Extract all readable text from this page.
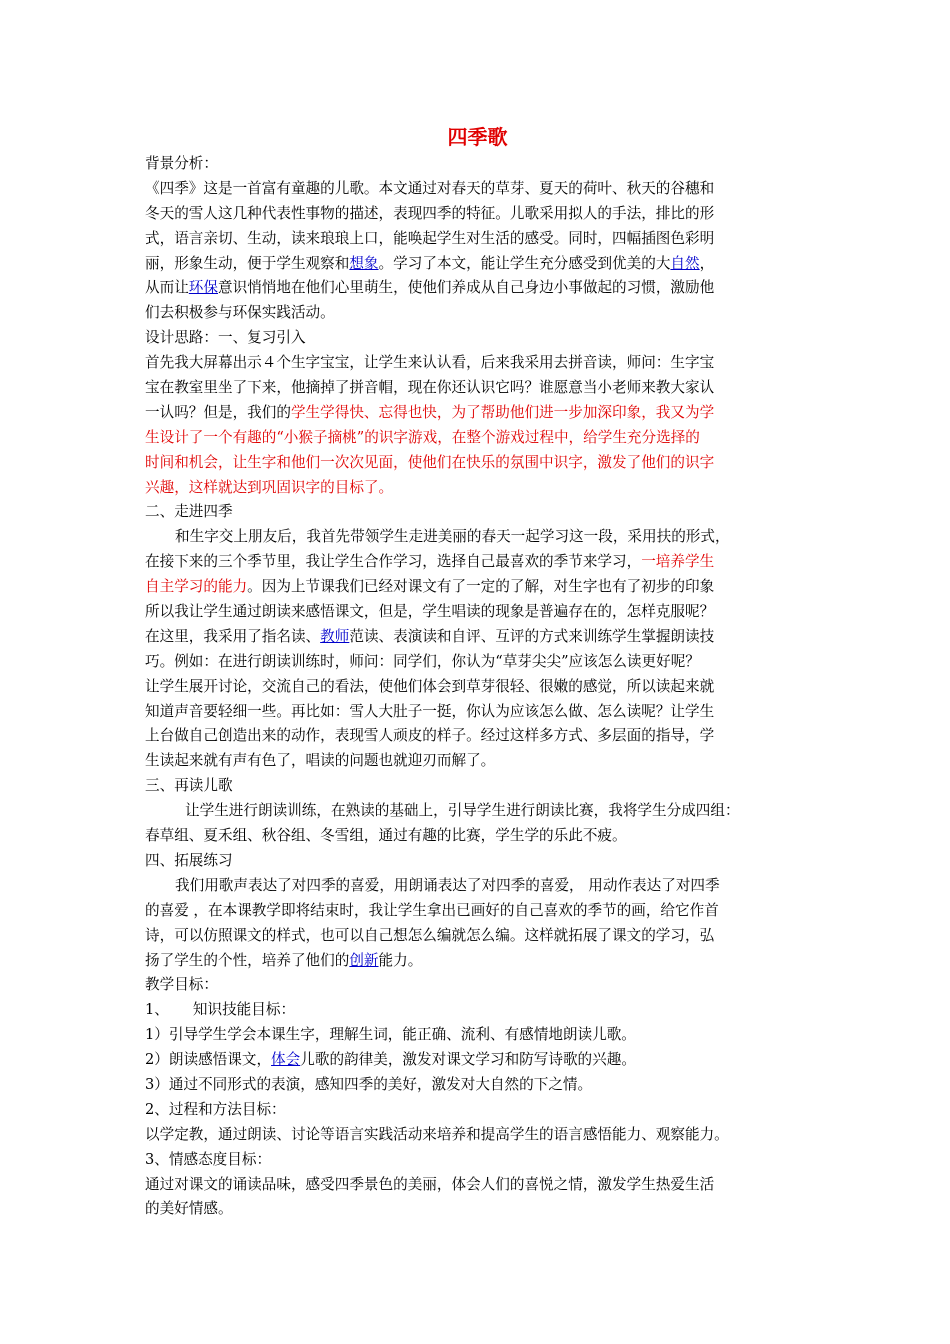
四季歌
背景分析：
《四季》这是一首富有童趣的儿歌。本文通过对春天的草芽、夏天的荷叶、秋天的谷穗和
冬天的雪人这几种代表性事物的描述，表现四季的特征。儿歌采用拟人的手法，排比的形
式，语言亲切、生动，读来琅琅上口，能唤起学生对生活的感受。同时，四幅插图色彩明
丽，形象生动，便于学生观察和想象。学习了本文，能让学生充分感受到优美的大自然，
从而让环保意识悄悄地在他们心里萌生，使他们养成从自己身边小事做起的习惯，激励他
们去积极参与环保实践活动。
设计思路：一、复习引入
首先我大屏幕出示４个生字宝宝，让学生来认认看，后来我采用去拼音读，师问：生字宝
宝在教室里坐了下来，他摘掉了拼音帽，现在你还认识它吗？谁愿意当小老师来教大家认
一认吗？但是，我们的学生学得快、忘得也快，为了帮助他们进一步加深印象，我又为学
生设计了一个有趣的“小猴子摘桃”的识字游戏，在整个游戏过程中，给学生充分选择的
时间和机会，让生字和他们一次次见面，使他们在快乐的氛围中识字，激发了他们的识字
兴趣，这样就达到巩固识字的目标了。
二、走进四季
和生字交上朋友后，我首先带领学生走进美丽的春天一起学习这一段，采用扶的形式，
在接下来的三个季节里，我让学生合作学习，选择自己最喜欢的季节来学习，一培养学生
自主学习的能力。因为上节课我们已经对课文有了一定的了解，对生字也有了初步的印象
所以我让学生通过朗读来感悟课文，但是，学生唱读的现象是普遍存在的，怎样克服呢？
在这里，我采用了指名读、教师范读、表演读和自评、互评的方式来训练学生掌握朗读技
巧。例如：在进行朗读训练时，师问：同学们，你认为“草芽尖尖”应该怎么读更好呢？
让学生展开讨论，交流自己的看法，使他们体会到草芽很轻、很嫩的感觉，所以读起来就
知道声音要轻细一些。再比如：雪人大肚子一挺，你认为应该怎么做、怎么读呢？让学生
上台做自己创造出来的动作，表现雪人顽皮的样子。经过这样多方式、多层面的指导，学
生读起来就有声有色了，唱读的问题也就迎刃而解了。
三、再读儿歌
让学生进行朗读训练，在熟读的基础上，引导学生进行朗读比赛，我将学生分成四组：
春草组、夏禾组、秋谷组、冬雪组，通过有趣的比赛，学生学的乐此不疲。
四、拓展练习
我们用歌声表达了对四季的喜爱，用朗诵表达了对四季的喜爱， 用动作表达了对四季
的喜爱 ，在本课教学即将结束时，我让学生拿出已画好的自己喜欢的季节的画，给它作首
诗，可以仿照课文的样式，也可以自己想怎么编就怎么编。这样就拓展了课文的学习，弘
扬了学生的个性，培养了他们的创新能力。
教学目标：
1、 知识技能目标：
1）引导学生学会本课生字，理解生词，能正确、流利、有感情地朗读儿歌。
2）朗读感悟课文，体会儿歌的韵律美，激发对课文学习和防写诗歌的兴趣。
3）通过不同形式的表演，感知四季的美好，激发对大自然的下之情。
2、过程和方法目标：
以学定教，通过朗读、讨论等语言实践活动来培养和提高学生的语言感悟能力、观察能力。
3、情感态度目标：
通过对课文的诵读品味，感受四季景色的美丽，体会人们的喜悦之情，激发学生热爱生活
的美好情感。
